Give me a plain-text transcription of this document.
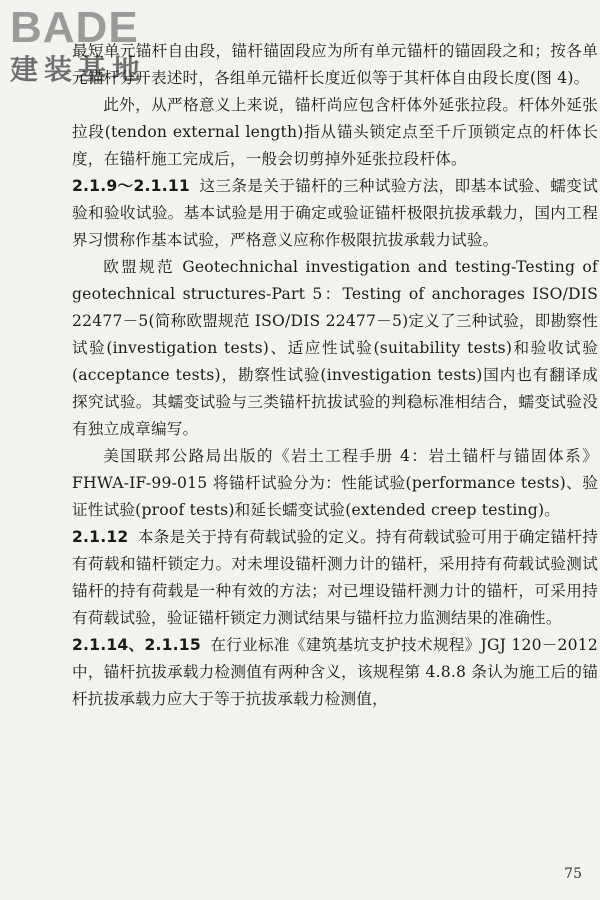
BADE
建装基地

最短单元锚杆自由段，锚杆锚固段应为所有单元锚杆的锚固段之和；按各单元锚杆分开表述时，各组单元锚杆长度近似等于其杆体自由段长度(图 4)。

此外，从严格意义上来说，锚杆尚应包含杆体外延张拉段。杆体外延张拉段(tendon external length)指从锚头锁定点至千斤顶锁定点的杆体长度，在锚杆施工完成后，一般会切剪掉外延张拉段杆体。

2.1.9～2.1.11 这三条是关于锚杆的三种试验方法，即基本试验、蠕变试验和验收试验。基本试验是用于确定或验证锚杆极限抗拔承载力，国内工程界习惯称作基本试验，严格意义应称作极限抗拔承载力试验。

欧盟规范 Geotechnichal investigation and testing-Testing of geotechnical structures-Part 5：Testing of anchorages ISO/DIS 22477－5(简称欧盟规范 ISO/DIS 22477－5)定义了三种试验，即勘察性试验(investigation tests)、适应性试验(suitability tests)和验收试验(acceptance tests)，勘察性试验(investigation tests)国内也有翻译成探究试验。其蠕变试验与三类锚杆抗拔试验的判稳标准相结合，蠕变试验没有独立成章编写。

美国联邦公路局出版的《岩土工程手册 4：岩土锚杆与锚固体系》FHWA-IF-99-015 将锚杆试验分为：性能试验(performance tests)、验证性试验(proof tests)和延长蠕变试验(extended creep testing)。

2.1.12 本条是关于持有荷载试验的定义。持有荷载试验可用于确定锚杆持有荷载和锚杆锁定力。对未埋设锚杆测力计的锚杆，采用持有荷载试验测试锚杆的持有荷载是一种有效的方法；对已埋设锚杆测力计的锚杆，可采用持有荷载试验，验证锚杆锁定力测试结果与锚杆拉力监测结果的准确性。

2.1.14、2.1.15 在行业标准《建筑基坑支护技术规程》JGJ 120－2012 中，锚杆抗拔承载力检测值有两种含义，该规程第 4.8.8 条认为施工后的锚杆抗拔承载力应大于等于抗拔承载力检测值，

75
